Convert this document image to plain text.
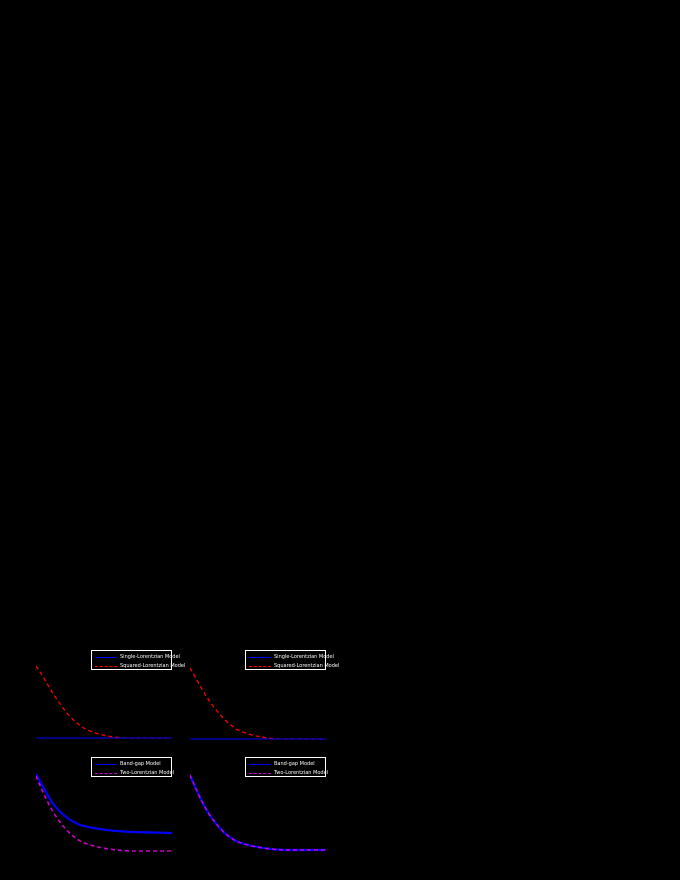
Single-Lorentzian Model
Squared-Lorentzian Model
Single-Lorentzian Model
Squared-Lorentzian Model
Band-gap Model
Two-Lorentzian Model
Band-gap Model
Two-Lorentzian Model
